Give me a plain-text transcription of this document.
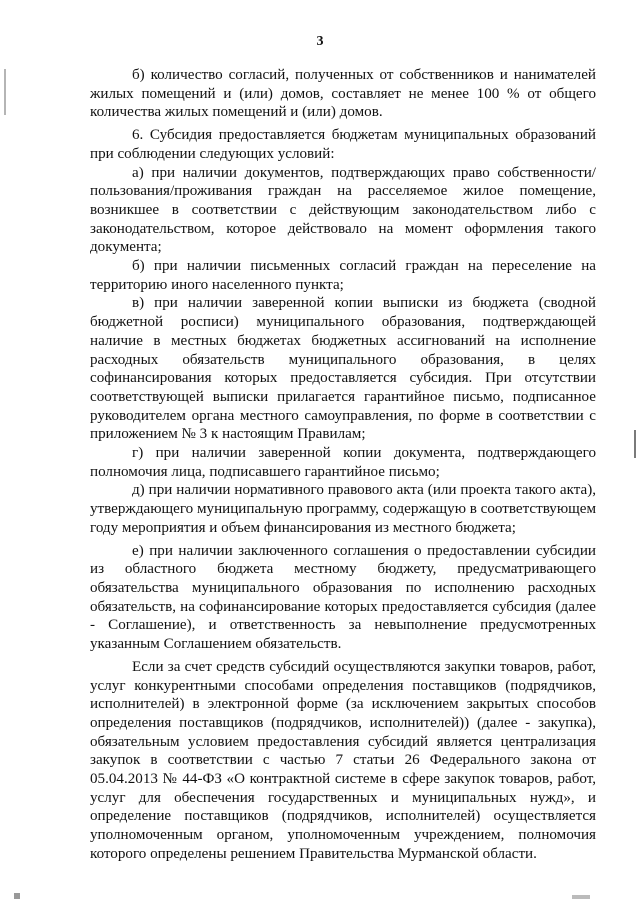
3

б) количество согласий, полученных от собственников и нанимателей жилых помещений и (или) домов, составляет не менее 100 % от общего количества жилых помещений и (или) домов.

6. Субсидия предоставляется бюджетам муниципальных образований при соблюдении следующих условий:

а) при наличии документов, подтверждающих право собственности/пользования/проживания граждан на расселяемое жилое помещение, возникшее в соответствии с действующим законодательством либо с законодательством, которое действовало на момент оформления такого документа;

б) при наличии письменных согласий граждан на переселение на территорию иного населенного пункта;

в) при наличии заверенной копии выписки из бюджета (сводной бюджетной росписи) муниципального образования, подтверждающей наличие в местных бюджетах бюджетных ассигнований на исполнение расходных обязательств муниципального образования, в целях софинансирования которых предоставляется субсидия. При отсутствии соответствующей выписки прилагается гарантийное письмо, подписанное руководителем органа местного самоуправления, по форме в соответствии с приложением № 3 к настоящим Правилам;

г) при наличии заверенной копии документа, подтверждающего полномочия лица, подписавшего гарантийное письмо;

д) при наличии нормативного правового акта (или проекта такого акта), утверждающего муниципальную программу, содержащую в соответствующем году мероприятия и объем финансирования из местного бюджета;

е) при наличии заключенного соглашения о предоставлении субсидии из областного бюджета местному бюджету, предусматривающего обязательства муниципального образования по исполнению расходных обязательств, на софинансирование которых предоставляется субсидия (далее - Соглашение), и ответственность за невыполнение предусмотренных указанным Соглашением обязательств.

Если за счет средств субсидий осуществляются закупки товаров, работ, услуг конкурентными способами определения поставщиков (подрядчиков, исполнителей) в электронной форме (за исключением закрытых способов определения поставщиков (подрядчиков, исполнителей)) (далее - закупка), обязательным условием предоставления субсидий является централизация закупок в соответствии с частью 7 статьи 26 Федерального закона от 05.04.2013 № 44-ФЗ «О контрактной системе в сфере закупок товаров, работ, услуг для обеспечения государственных и муниципальных нужд», и определение поставщиков (подрядчиков, исполнителей) осуществляется уполномоченным органом, уполномоченным учреждением, полномочия которого определены решением Правительства Мурманской области.
